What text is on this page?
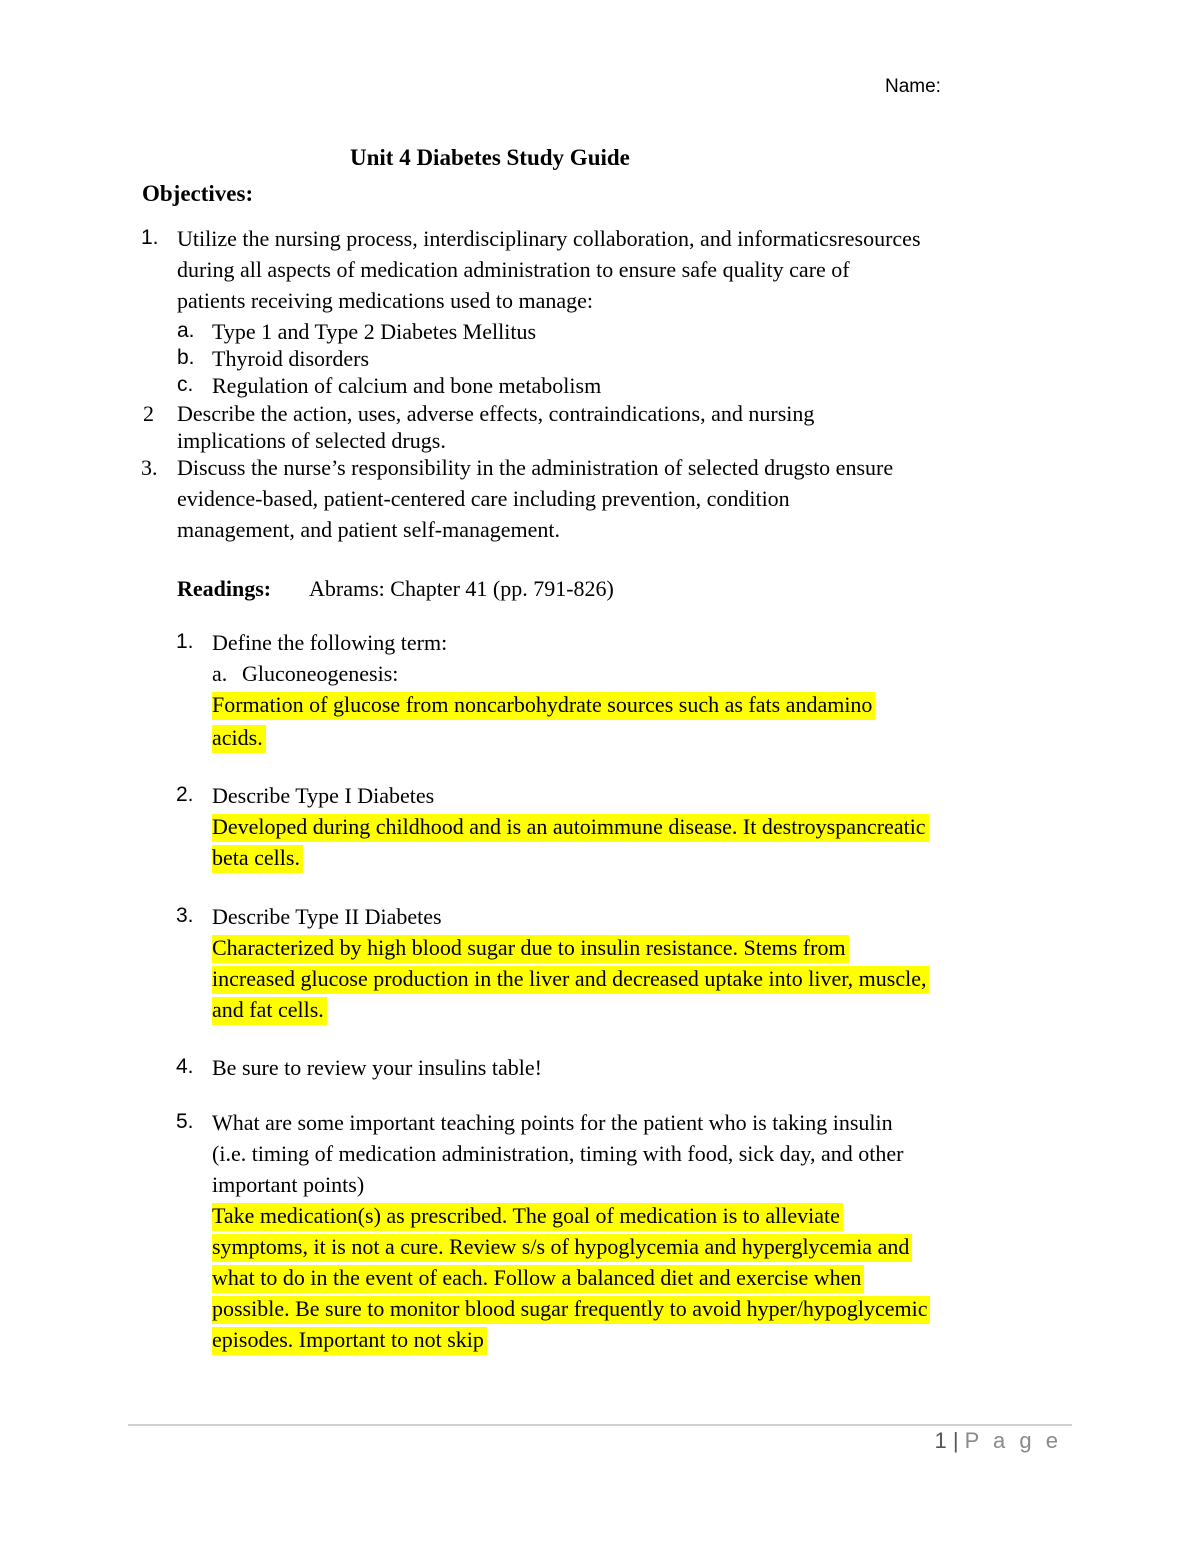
Name:
Unit 4 Diabetes Study Guide
Objectives:
1. Utilize the nursing process, interdisciplinary collaboration, and informaticsresources
during all aspects of medication administration to ensure safe quality care of
patients receiving medications used to manage:
a. Type 1 and Type 2 Diabetes Mellitus
b. Thyroid disorders
c. Regulation of calcium and bone metabolism
2 Describe the action, uses, adverse effects, contraindications, and nursing
implications of selected drugs.
3. Discuss the nurse’s responsibility in the administration of selected drugsto ensure
evidence-based, patient-centered care including prevention, condition
management, and patient self-management.
Readings: Abrams: Chapter 41 (pp. 791-826)
1. Define the following term:
a. Gluconeogenesis:
Formation of glucose from noncarbohydrate sources such as fats andamino
acids.
2. Describe Type I Diabetes
Developed during childhood and is an autoimmune disease. It destroyspancreatic
beta cells.
3. Describe Type II Diabetes
Characterized by high blood sugar due to insulin resistance. Stems from
increased glucose production in the liver and decreased uptake into liver, muscle,
and fat cells.
4. Be sure to review your insulins table!
5. What are some important teaching points for the patient who is taking insulin
(i.e. timing of medication administration, timing with food, sick day, and other
important points)
Take medication(s) as prescribed. The goal of medication is to alleviate
symptoms, it is not a cure. Review s/s of hypoglycemia and hyperglycemia and
what to do in the event of each. Follow a balanced diet and exercise when
possible. Be sure to monitor blood sugar frequently to avoid hyper/hypoglycemic
episodes. Important to not skip
1 | P a g e
